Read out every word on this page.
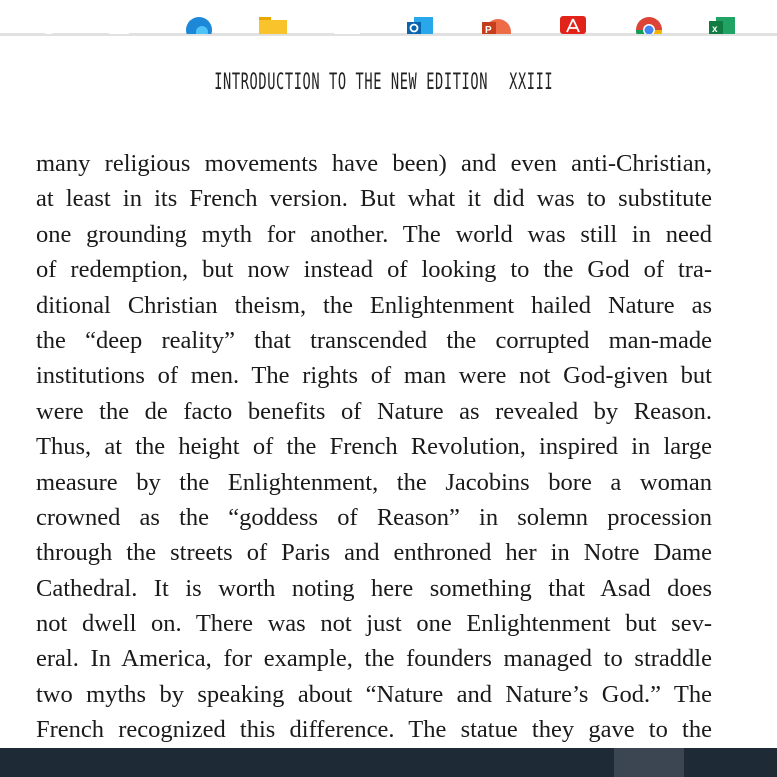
INTRODUCTION TO THE NEW EDITION XXIII
many religious movements have been) and even anti-Christian,
at least in its French version. But what it did was to substitute
one grounding myth for another. The world was still in need
of redemption, but now instead of looking to the God of tra-
ditional Christian theism, the Enlightenment hailed Nature as
the “deep reality” that transcended the corrupted man-made
institutions of men. The rights of man were not God-given but
were the de facto benefits of Nature as revealed by Reason.
Thus, at the height of the French Revolution, inspired in large
measure by the Enlightenment, the Jacobins bore a woman
crowned as the “goddess of Reason” in solemn procession
through the streets of Paris and enthroned her in Notre Dame
Cathedral. It is worth noting here something that Asad does
not dwell on. There was not just one Enlightenment but sev-
eral. In America, for example, the founders managed to straddle
two myths by speaking about “Nature and Nature’s God.” The
French recognized this difference. The statue they gave to the
P	x
